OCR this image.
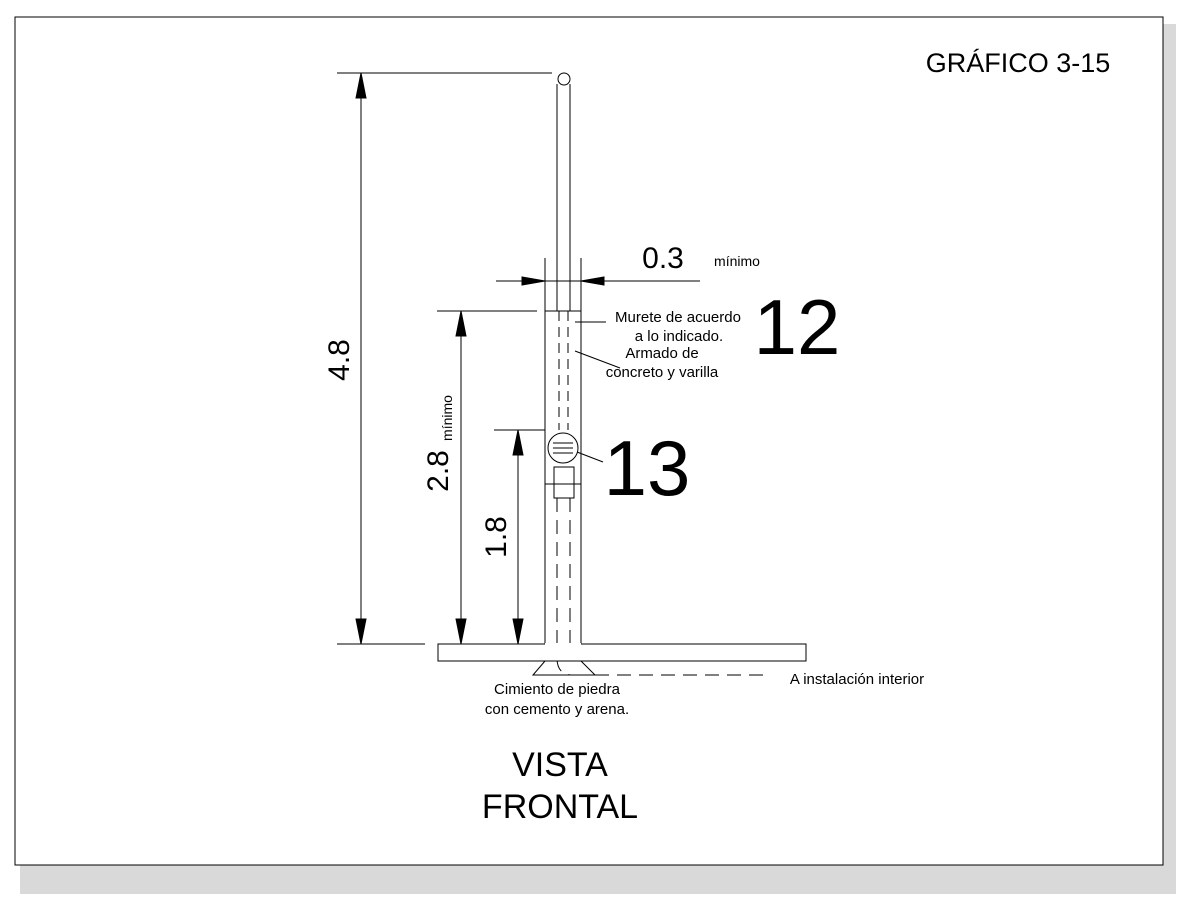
GRÁFICO 3-15
4.8
2.8
mínimo
1.8
0.3 mínimo
Murete de acuerdo
a lo indicado.
Armado de
concreto y varilla
12
13
A instalación interior
Cimiento de piedra
con cemento y arena.
VISTA
FRONTAL
